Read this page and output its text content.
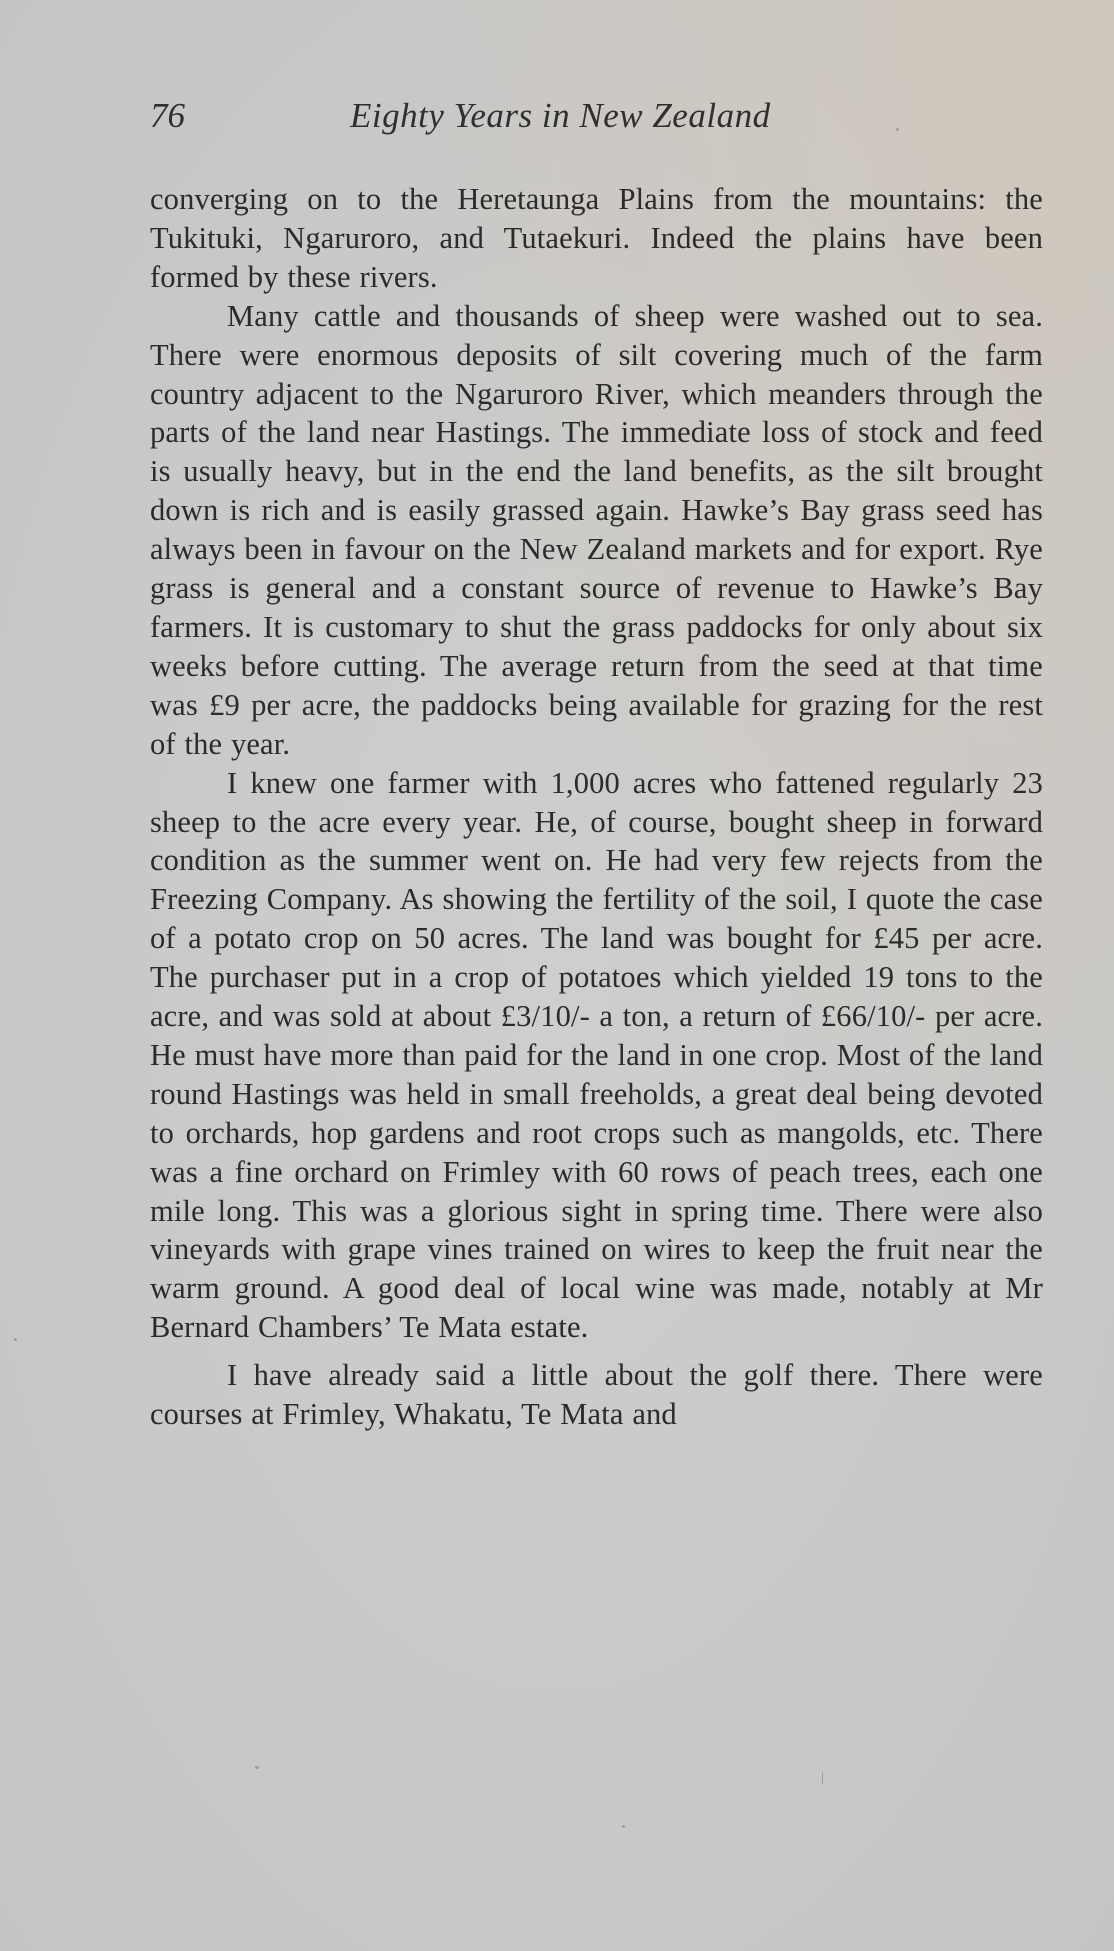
76	Eighty Years in New Zealand

converging on to the Heretaunga Plains from the mountains: the Tukituki, Ngaruroro, and Tutaekuri. Indeed the plains have been formed by these rivers.

Many cattle and thousands of sheep were washed out to sea. There were enormous deposits of silt covering much of the farm country adjacent to the Ngaruroro River, which meanders through the parts of the land near Hastings. The immediate loss of stock and feed is usually heavy, but in the end the land benefits, as the silt brought down is rich and is easily grassed again. Hawke’s Bay grass seed has always been in favour on the New Zealand markets and for export. Rye grass is general and a constant source of revenue to Hawke’s Bay farmers. It is customary to shut the grass paddocks for only about six weeks before cutting. The average return from the seed at that time was £9 per acre, the paddocks being available for grazing for the rest of the year.

I knew one farmer with 1,000 acres who fattened regularly 23 sheep to the acre every year. He, of course, bought sheep in forward condition as the summer went on. He had very few rejects from the Freezing Company. As showing the fertility of the soil, I quote the case of a potato crop on 50 acres. The land was bought for £45 per acre. The purchaser put in a crop of potatoes which yielded 19 tons to the acre, and was sold at about £3/10/- a ton, a return of £66/10/- per acre. He must have more than paid for the land in one crop. Most of the land round Hastings was held in small freeholds, a great deal being devoted to orchards, hop gardens and root crops such as mangolds, etc. There was a fine orchard on Frimley with 60 rows of peach trees, each one mile long. This was a glorious sight in spring time. There were also vineyards with grape vines trained on wires to keep the fruit near the warm ground. A good deal of local wine was made, notably at Mr Bernard Chambers’ Te Mata estate.

I have already said a little about the golf there. There were courses at Frimley, Whakatu, Te Mata and
